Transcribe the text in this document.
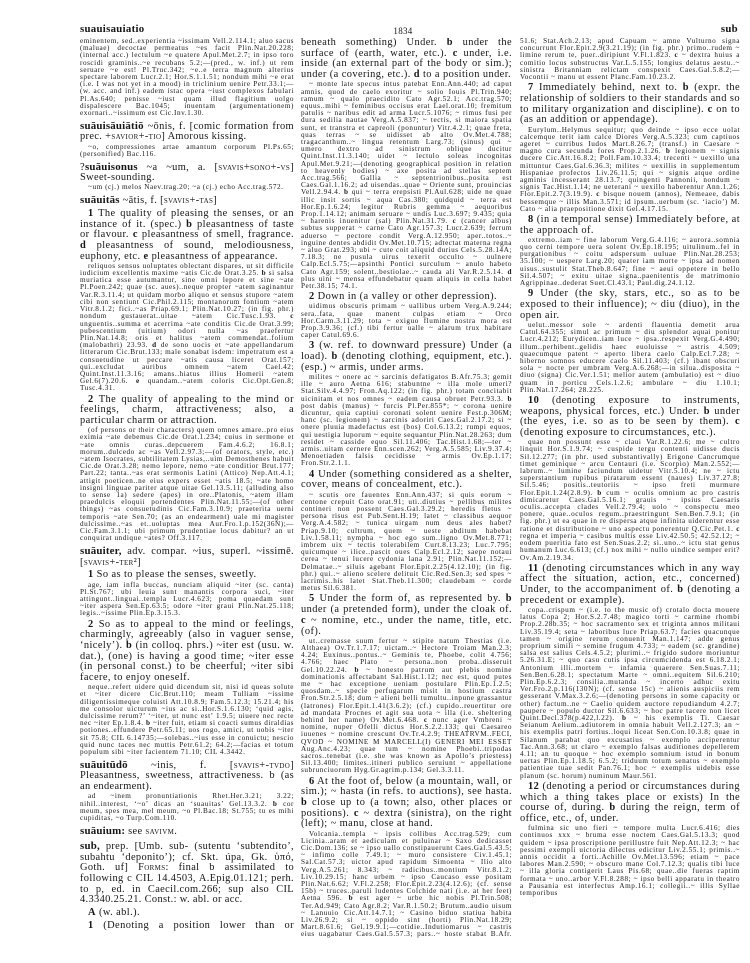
suauisauiatio	1834	sub

eminentem, sed..experientia ~issimam Vell.2.114.1; aluo sacus (maluae) decoctae permeatus ~es facit Plin.Nat.20.228; (internal acc.) lectulum ~e quatere Apul.Met.2.7; in ipso toro roscidi graminis..~e recubans 5.2;—(pred., w. inf.) ut rem seruare ~e est! Pl.Truc.342; ~e..e terra magnum alterius spectare laborem Lucr.2.1; Hor.S.1.1.51; nondum mihi ~e erat (i.e. I was not yet in a mood) in triclinium uenire Petr.33.1;—(w. acc. and inf.) eadem istac opera ~iust complexos fabulari Pl.As.640; penisse ~iust quam illud flagitium uolgo dispalescere Bac.1045; inuentam (argumentationem) exornari..~issimum est Cic.Inv.1.30.

suāuisāuiātiō ~ōnis, f. [comic formation from prec. +savior+-tio] Amorous kissing.

~o, compressiones artae amantum corporum Pl.Ps.65; (personified) Bac.116.

?suāuisonus ~a ~um, a. [svavis+sono+-vs] Sweet-sounding.

~um (cj.) melos Naev.trag.20; ~a (cj.) echo Acc.trag.572.

suāuitās ~ātis, f. [svavis+-tas]

1 The quality of pleasing the senses, or an instance of it. (spec.) b pleasantness of taste or flavour. c pleasantness of smell, fragrance. d pleasantness of sound, melodiousness, euphony, etc. e pleasantness of appearance.

reliquos sensus uoluptates oblectant dispares, ut sit difficile iudicium excellentis maxime ~atis Cic.de Orat.3.25. b si salsa muriatica esse autumantur, sine omni lepore et sine ~ate Pl.Poen.242; quae (sc. aues)..neque propter ~atem saginantur Var.R.3.11.4; ut quidam morbo aliquo et sensus stupore ~atem cibi non sentiunt Cic.Phil.2.115; montanorum fontium ~atem Vitr.8.1.2; fici..~as Priap.69.1; Plin.Nat.10.27; (in fig. phr.) nondum gustauerat..uitae ~atem Cic.Tusc.1.93. c unguentis..summa et acerrima ~ate conditis Cic.de Orat.3.99; pubescentium (uitium) odori nulla ~as praefertur Plin.Nat.14.8; oris et halitus ~atem commendat..folium (malobathri) 23.93. d de sono uocis et ~ate appellandarum litterarum Cic.Brut.133; male sonabat isdem: impetratum est a consuetudine ut peccare ~atis causa liceret Orat.157; qui..excludat auribus omnem ~atem Cael.42; Quint.Inst.11.3.16; amans..hiatus illius Homerii ~atem Gel.6(7).20.6. e quandam..~atem coloris Cic.Opt.Gen.8; Tusc.4.31.

2 The quality of appealing to the mind or feelings, charm, attractiveness; also, a particular charm or attraction.

(of persons or their characters) quem omnes amare..pro eius eximia ~ate debemus Cic.de Orat.1.234; cuius in sermone et ~ate omnis curas..depcuerem Fam.4.6.2; 16.8.1; morum..dulcedo ac ~as Vell.2.97.3;—(of orators, style, etc.) ~atem Isocrates, subtilitatem Lysias,..uim Demosthenes habuit Cic.de Orat.3.28; nemo lepore, nemo ~ate conditior Brut.177; Part.22; tanta..~as erat sermonis Latini (Attico) Nep.Att.4.1; attigit poeticen..ne eius expers esset ~atis 18.5; ~ate homo insigni linguae pariter atque uitae Gel.13.5.11; (alluding also to sense 1a) sedere (apes) in ore..Platonis, ~atem illam praedulcis eloquii portendentes Plin.Nat.11.55;—(of other things) ~as consuetudinis Cic.Fam.3.10.9; praeterita uerni temporis ~ate Sen.70; (as an endearment) uale mi magister dulcissime..~as et..uoluptas mea Aur.Fro.1.p.152(36N);—Cic.Fam.3.1.1; ubi primum prudentiae locus dabitur? an ut conquirat undique ~ates? Off.3.117.

suāuiter, adv. compar. ~ius, superl. ~issimē. [svavis+-ter²]

1 So as to please the senses, sweetly.

age, iam infla buccas, nunciam aliquid ~iter (sc. canta) Pl.St.767; ubi leuia sunt manantis corpora suci, ~iter attingunt..linguai..templa Lucr.4.623; poma quaedam sunt ~iter aspera Sen.Ep.63.5; odore ~iter graui Plin.Nat.25.118; legis..~issime Plin.Ep.3.15.3.

2 So as to appeal to the mind or feelings, charmingly, agreeably (also in vaguer sense, ‘nicely’). b (in colloq. phrs.) ~iter est (usu. w. dat.), (one) is having a good time; ~iter esse (in personal const.) to be cheerful; ~iter sibi facere, to enjoy oneself.

neque..refert uidere quid dicendum sit, nisi id queas solute et ~iter dicere Cic.Brut.110; meam Tulliam ~issime diligentissimeque coluisti Att.10.8.9; Fam.5.12.3; 15.21.4; his me consolor uicturum ~ius ac si..Hor.S.1.6.130; ‘quid agis, dulcissime rerum?’ ‘~iter, ut nunc est’ 1.9.5; uiuere nec recte nec ~iter Ep.1.8.4. b ~iter fuit, etiam si coacti sumus diraldias potiones..effundere Petr.65.11; uos rogo, amici, ut uobis ~iter sit 75.8; CIL 6.14735;—solebas..~ius esse in conuictu; nescio quid nunc taces nec muttis Petr.61.2; 64.2;—facias et totum populum sibi ~iter facientem 71.10; CIL 4.3442.

suāuitūdō ~inis, f. [svavis+-tvdo] Pleasantness, sweetness, attractiveness. b (as an endearment).

ad ~inem pronuntiationis Rhet.Her.3.21; 3.22; nihil..interest, ‘~o’ dicas an ‘suauitas’ Gel.13.3.2. b cor meum, spes mea, mel meum, ~o Pl.Bac.18; St.755; tu es mihi cupiditas, ~o Turp.Com.110.

suāuium: see savivm.

sub, prep. [Umb. sub- (sutentu ‘subtendito’, subahtu ‘deponito’); cf. Skt. úpa, Gk. ὑπό, Goth. uf] Forms: final b assimilated to following c CIL 14.4503, A.Epig.01.121; perh. to p, ed. in Caecil.com.266; sup also CIL 4.3340.25.21. Const.: w. abl. or acc.

A (w. abl.).

1 (Denoting a position lower than or

beneath something) Under. b under the surface of (earth, water, etc.). c under, i.e. inside (an external part of the body or sim.); under (a covering, etc.). d to a position under.

~ monte late specus intus patebat Enn.Ann.440; ad caput amnis, quod de caelo exoritur ~ solio Iouis Pl.Trin.940; ramum ~ qualo praecidito Cato Agr.52.1; Acc.trag.570; equus..mihi ~ feminibus occisus erat Lael.orat.10; fremitum patulis ~ naribus edit ad arma Lucr.5.1076; ~ rimus fusi per dura sedilia nautae Verg.A.5.837; ~ tectis, si maiora spatia sunt, et transtra et capreoli (ponuntur) Vitr.4.2.1; quae freta, quas terras ~ se uidisset ab alto Ov.Met.4.788; tragacanthum..~ lingua retentum Larg.73; (sinus) qui ~ umero dextro ad sinistrum oblique ducitur Quint.Inst.11.3.140; uidet ~ lectulo soleas incognitas Apul.Met.9.21;—(denoting geographical position in relation to heavenly bodies) ~ axe posita ad stellas septem Acc.trag.566; Gallia ~ septentrionibus..posita est Caes.Gal.1.16.2; ad uisendas..quae ~ Oriente sunt, prouincias Vell.2.94.4. b qui ~ terra erepsisti Pl.Aul.628; uide ne quae illic insit sortis ~ aqua Cas.380; quidquid ~ terra est Hor.Ep.1.6.24; legitur Rubris gemma ~ aequoribus Prop.1.14.12; animam seruare ~ undis Luc.3.697; 9.435; quia ~ harenis inuenitur (sal) Plin.Nat.31.79. c (cancer albus) subtus supperat ~ carne Cato Agr.157.3; Lucr.2.639; ferrum aduerso ~ pectore condit Verg.A.12.950; aper..totos..~ inguine dentes abdidit Ov.Met.10.715; adtectat materna regna ~ aluo Grat.293; ubi ~ cute coit aliquid durius Cels.5.28.14A; 7.18.3; ne pusula uirus texerit occulto ~ uulnere Calp.Ecl.5.75;—apsinthi Pontici surculum ~ anulo habeto Cato Agr.159; solent..bestiolae..~ cauda ali Var.R.2.5.14. d plus uini ~ mensa effundebatur quam aliquis in cella habet Petr.38.15; 74.1.

2 Down in (a valley or other depression).

uidimus obscuris primam ~ uallibus urbem Verg.A.9.244; sera..fata, quae manent culpas etiam ~ Orco Hor.Carm.3.11.29; tota ~ exiguo flumine nostra mora est Prop.3.9.36; (cf.) tibi fertur ualle ~ alarum trux habitare caper Catul.69.6.

3 (w. ref. to downward pressure) Under (a load). b (denoting clothing, equipment, etc.). (esp.) ~ armis, under arms.

milites ~ onere ac ~ sarcinis defatigatos B.Afr.75.3; gemit ille ~ auro Aetna 616; stabuntne ~ illa mole umeri? Stat.Silv.4.4.97; Fron.Aq.122; (in fig. phr.) totam concitabit uicinitam et nos omnes ~ eadem causa obruet Petr.93.3. b post dabis (manus) ~ furcis Pl.Per.855*; ~ corona uenire dicuntur, quia captiui coronati solent uenire Fest.p.306M; hanc (sc. legionem) ~ sarcinis adoriri Caes.Gal.2.17.2; si ~ onere pluuia madefactus est (bos) Col.6.13.2; rumpi equos, qui uestigia luporum ~ equite sequantur Plin.Nat.28.263; dum residet ~ casside equo Sil.11.406; Tac.Hist.1.68;—ter ~ armis..uitam cernere Enn.scen.262; Verg.A.5.585; Liv.9.37.4; Menoetiaden falsis cecidisse ~ armis Ov.Ep.1.17; Fron.Str.2.1.1.

4 Under (something considered as a shelter, cover, means of concealment, etc.).

~ scutis ore fauentes Enn.Ann.437; si quis eorum ~ centone crepuit Cato orat.91; uti..diutius ~ pellibus milites contineri non possent Caes.Gal.3.29.2; heredis fletus ~ persona risus est Pub.Sent.H.19; latet ~ classibus aequor Verg.A.4.582; ~ tunica uirgam num deus ales habet? Priap.9.10; cultrum, quem ~ ueste abditum habebat Liv.1.58.11; nympha ~ hoc ego sum..ligno Ov.Met.8.771; imbrem uix ~ tectis tolerabilem Curt.8.13.23; Luc.7.795; quicumque ~ ilice..pascit oues Calp.Ecl.2.12; saepe notaui cerea ~ tenui lucere cydonia lana 2.91; Plin.Nat.11.152;—Delmatae..~ siluis agebant Flor.Epit.2.25(4.12.10); (in fig. phr.) qui..~ alieno scelere delituit Cic.Red.Sen.3; sed spes ~ lacrimis..his latet Stat.Theb.11.300; claudebam ~ corde metus Sil.6.381.

5 Under the form of, as represented by. b under (a pretended form), under the cloak of. c ~ nomine, etc., under the name, title, etc. (of).

ut..cremasse suum fertur ~ stipite natum Thestias (i.e. Althaea) Ov.Tr.1.7.17; uictam..~ Hectore Troiam Man.2.3; 4.24; Euxinus..pontus..~ Geminis te, Phoebe, colit 4.756; 4.766; haec Plato ~ persona..non proba..disseruit Gel.10.22.24. b ~ honesto patrum aut plebis nomine dominationis affectabant Sal.Hist.1.12; nec est, quod putes me ~ hac exceptione ueniam postulare Plin.Ep.1.2.5; quosdam..~ specie perfugarum misit in hostium castra Fron.Str.2.5.18; dum ~ alieni belli tumultu..inpune grassantur (latrones) Flor.Epit.1.41(3.6.2); (cf.) cupido..reuertitur ore ad mandata Procnes et agit sua uota ~ illa (i.e. sheltering behind her name) Ov.Met.6.468. c nunc ager Vmbreni ~ nomine, nuper Ofelli dictus Hor.S.2.2.133; qui Caesareo iuuenes ~ nomine crescunt Ov.Tr.4.2.9; THEATRVM..FECI, QVOD ~ NOMINE M MARCELL(I) GENERI MEI ESSET Aug.Anc.4.23; quae tum ~ nomine Phoebi..tripodas sacros..tenebat (i.e. she was known as Apollo’s priestess) Sil.13.400; limites..itineri publico seruiunt ~ appellatione subrunciuorum Hyg.Gr.agrim.p.134; Gel.3.3.11.

6 At the foot of, below (a mountain, wall, or sim.); ~ hasta (in refs. to auctions), see hasta. b close up to (a town; also, other places or positions). c ~ dextra (sinistra), on the right (left); ~ manu, close at hand.

Volcania..templa ~ ipsis collibus Acc.trag.529; cum Licinia..aram et aediculam et puluinar ~ Saxo dedicasset Cic.Dom.136; se ~ ipso uallo constipauerunt Caes.Gal.5.43.5; ~ infimo colle 7.49.1; ~ muro consistere Civ.1.45.1; Sal.Cat.57.3; uictor apud rapidum Simoenta ~ Ilio alto Verg.A.5.261; 8.343; ~ radicibus..montium Vitr.8.1.2; Liv.10.29.15; hanc urbem ~ ipso Caucaso esse positam Plin.Nat.6.62; V.Fl.2.258; Flor.Epit.2.23(4.12.6); (cf. sense 15b) ~ truces..paruli ludentes Colchide nati (i.e. at her feet) Aetna 596. b est ager ~ urbe hic nobis Pl.Trin.508; Ter.Ad.949; Cato Agr.8.2; Var.R.1.50.2; Brutum..audio uisum ~ Lanuuio Cic.Att.14.7.1; ~ Casino biduo statiua habita Liv.26.9.2; si ~ oppido sint (horti) Plin.Nat.18.29; Mart.8.61.6; Gel.19.9.1;—cotidie..Indutiomarus ~ castris eius uagabatur Caes.Gal.5.57.3; pars..~ hoste stabat B.Afr.

51.6; Stat.Ach.2.13; apud Capuam ~ amne Vulturno signa concurrunt Flor.Epit.2.9(3.21.19); (in fig. phr.) primo..rudem ~ limine rerum te, puer..diripiunt V.Fl.1.823. c ~ dextra huius a comitio locus substructus Var.L.5.155; longius delatus aestu..~ sinistra Britanniam relictam conspexit Caes.Gal.5.8.2;—Vocontii ~ manu ut essent Planc.Fam.10.23.2.

7 Immediately behind, next to. b (expr. the relationship of soldiers to their standards and so to military organization and discipline). c on to (as an addition or appendage).

Eurylum..Helymus sequitur; quo deinde ~ ipso ecce uolat calcemque terit iam calce Diores Verg.A.5.323; cum captiuos ageret ~ curribus Iudos Mart.8.26.7; (transf.) in Caesare ~ magno cura secunda fores Prop.2.1.26. b legionem ~ signis ducere Cic.Att.16.8.2; Poll.Fam.10.33.4; trecenti ~ uexillo una mittuntur Caes.Gal.6.36.3; milites ~ uexillis in supplementum Hispaniae profectos Liv.26.11.5; qui ~ signis atque ordine agminis incesserant 28.13.7; quingenti Pannonii, nondum ~ signis Tac.Hist.1.14; ne ueterani ~ uexillo haberentur Ann.1.26; Flor.Epit.2.7(3.19.9). c bisque nouem (annos), Nemeaee, dabis bessemque ~ illis Man.3.571; id ipsum..uerbum (sc. ‘iacio’) M. Cato ~ alia praepositione dixit Gel.4.17.15.

8 (in a temporal sense) Immediately before, at the approach of.

extremo..iam ~ fine laborum Verg.G.4.116; ~ aurora..somnia quo cerni tempore uera solent Ov.Ep.18.195; uitulinum..fel in purgationibus ~ coitu adspersum uuluae Plin.Nat.28.253; 35.100; ~ uespere Larg.20; quater iam morte ~ ipsa ad nomen uisus..sustulit Stat.Theb.8.647; fine ~ aeui oppetere in bello Sil.4.507; ~ exitu uitae signa..paenitentis de matrimonio Agrippinae..dederat Suet.Cl.43.1; Paul.dig.24.1.12.

9 Under (the sky, stars, etc., so as to be exposed to their influence); ~ diu (diuo), in the open air.

uelut..messor sole ~ ardenti flauentia demetit arua Catul.64.355; simul ac primum ~ diu splendor aquai ponitur Lucr.4.212; Eurydicen..iam luce ~ ipsa..respexit Verg.G.4.490; illum..perhibent..gelidis haec euoluisse ~ astris 4.509; quaecumque patent ~ aperto libera caelo Calp.Ecl.7.28; ~ hiberno somnos educere caelo Sil.11.403; (cf.) ibant obscuri sola ~ nocte per umbram Verg.A.6.268;—in silua..disposita ~ diuo (signa) Cic.Ver.1.51; melior autem (ambulatio) est ~ diuo quam in porticu Cels.1.2.6; ambulare ~ diu 1.10.1; Plin.Nat.17.264; 28.225.

10 (denoting exposure to instruments, weapons, physical forces, etc.) Under. b under (the eyes, i.e. so as to be seen by them). c (denoting exposure to circumstances, etc.).

quae non possunt esse ~ claui Var.R.1.22.6; me ~ cultro linquit Hor.S.1.9.74; ~ cuspide tergu contenti uidisse ducis Sil.12.277; (in phr. used substantivally) Erigone Cancrumque timet geminique ~ arcu Centauri (i.e. Scorpio) Man.2.552;—labrum..~ lumine faciundum uidetur Vitr.5.10.4; ne ~ ictu superstantium rupibus piratarum essent (naues) Liv.37.27.8; Sil.5.46; positis..teutoriis ~ ipso freti murmure Flor.Epit.1.24(2.8.9). b cum ~ oculis omnium ac pro castris dimicaretur Caes.Gal.5.16.1; grauis ~ ipsius Caesaris oculis..accepta clades Vell.2.79.4; uolo ~ conspectu meo ponere, quae..oculos regum..praestringunt Sen.Ben.7.9.1; (in fig. phr.) ut ea quae in re dispersa atque infinita uiderentur esse ratione et distributione ~ uno aspectu ponerentur Q.Cic.Pet.1. c regna et imperia ~ casibus multis esse Liv.42.50.5; 42.52.12; ~ eodem pueritia fato est Sen.Suas.2.2; si..uno..~ ictu stat genus humanum Luc.6.613; (cf.) nox mihi ~ nullo uindice semper erit? Ov.Am.2.19.34.

11 (denoting circumstances which in any way affect the situation, action, etc., concerned) Under, to the accompaniment of. b (denoting a precedent or example).

copa..crispum ~ (i.e. to the music of) crotalo docta mouere latus Copa 2; Hor.S.2.7.48; magico torti ~ carmine rhombi Prop.2.28b.35; ~ hoc sacramento sex et triginta annos militaui Liv.35.19.4; seta ~ laboribus luce Priap.63.7; facies quacunque tamen ~ origine rerum conuenit Man.1.147; adde genus proprium simili ~ semine frugum 4.733; ~ eadem (sc. grandine) salsa est salius Cels.4.5.2; plurimi..~ frigido sudore moriuntur 5.26.31.E; ~ quo casu cutis ipsa circumcidenda est 6.18.2.1; Antonium illi..mortem ~ infamia quaerere Sen.Suas.7.11; Sen.Ben.6.28.1; spectatum Marte ~ omni..equitem Sil.6.210; Plin.Ep.6.2.3; consilia..mutanda ~ incerto adhuc exitu Ver.Fro.2.p.116(130N); (cf. sense 15c) ~ alienis auspiciis rem gesserant V.Max.3.2.6;—(denoting persons in some capacity or other) factum..ne ~ Caelio quidem auctore repudiandum 4.2.7; paupere ~ populo ductor Sil.6.633; ~ hoc patre tacere non licet Quint.Decl.378(p.422,l.22). b ~ his exemplis Ti. Caesar Seianum Aelium..adiutorem in omnia habuit Vell.2.127.3; an ~ his exemplis patri fortius..loqui liceat Sen.Con.10.3.8; quae in Silanum parabat quo excusatius ~ exemplo acciperentur Tac.Ann.3.68; ut claro ~ exemplo falsas auditiones depellerem 4.11; an tu quoque ~ hoc exemplo somnium istud in bonum uertas Plin.Ep.1.18.5; 6.5.2; triduum totum senatus ~ exemplo patientiae tuae sedit Pan.76.1; hoc ~ exemplis uidebis esse planum (sc. horum) numinum Maur.561.

12 (denoting a period or circumstances during which a thing takes place or exists) In the course of, during. b during the reign, term of office, etc., of, under.

fulmina sic uno fieri ~ tempore multa Lucr.6.416; dies continuos xxx ~ bruma esse noctem Caes.Gal.5.13.3; quod quidem ~ ipsa proscriptione perillustre fuit Nep.Att.12.3; ~ hac pessimi exempli uictoria dilectus edicitur Liv.2.55.1; primis..~ annis occidit a forti..Achille Ov.Met.13.596; etiam ~ pace labores Man.2.590; ~ obscuro mane Col.7.12.3; qualis tibi luce ~ illa gloria contigerit Laus Pis.68; quae..die fueras raptim formata ~ uno..arbor V.Fl.8.288; ~ ipso belli apparatu in theatro a Pausania est interfectus Amp.16.1; collegii..~ illis Syllae temporibus
